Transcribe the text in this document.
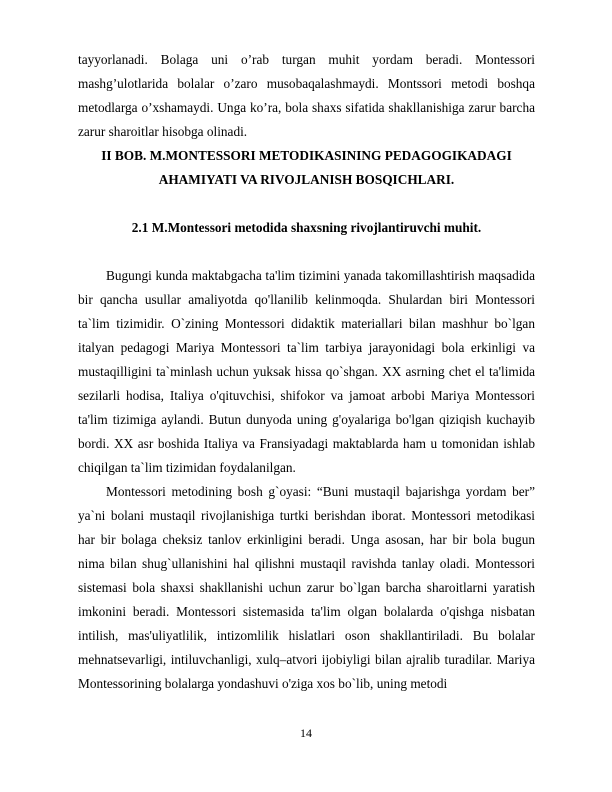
tayyorlanadi. Bolaga uni o’rab turgan muhit yordam beradi. Montessori mashg’ulotlarida bolalar o’zaro musobaqalashmaydi. Montssori metodi boshqa metodlarga o’xshamaydi. Unga ko’ra, bola shaxs sifatida shakllanishiga zarur barcha zarur sharoitlar hisobga olinadi.

II BOB. M.MONTESSORI METODIKASINING PEDAGOGIKADAGI
AHAMIYATI VA RIVOJLANISH BOSQICHLARI.
2.1 M.Montessori metodida shaxsning rivojlantiruvchi muhit.

Bugungi kunda maktabgacha ta'lim tizimini yanada takomillashtirish maqsadida bir qancha usullar amaliyotda qo'llanilib kelinmoqda. Shulardan biri Montessori ta`lim tizimidir. O`zining Montessori didaktik materiallari bilan mashhur bo`lgan italyan pedagogi Mariya Montessori ta`lim tarbiya jarayonidagi bola erkinligi va mustaqilligini ta`minlash uchun yuksak hissa qo`shgan. XX asrning chet el ta'limida sezilarli hodisa, Italiya o'qituvchisi, shifokor va jamoat arbobi Mariya Montessori ta'lim tizimiga aylandi. Butun dunyoda uning g'oyalariga bo'lgan qiziqish kuchayib bordi. XX asr boshida Italiya va Fransiyadagi maktablarda ham u tomonidan ishlab chiqilgan ta`lim tizimidan foydalanilgan.

Montessori metodining bosh g`oyasi: “Buni mustaqil bajarishga yordam ber” ya`ni bolani mustaqil rivojlanishiga turtki berishdan iborat. Montessori metodikasi har bir bolaga cheksiz tanlov erkinligini beradi. Unga asosan, har bir bola bugun nima bilan shug`ullanishini hal qilishni mustaqil ravishda tanlay oladi. Montessori sistemasi bola shaxsi shakllanishi uchun zarur bo`lgan barcha sharoitlarni yaratish imkonini beradi. Montessori sistemasida ta'lim olgan bolalarda o'qishga nisbatan intilish, mas'uliyatlilik, intizomlilik hislatlari oson shakllantiriladi. Bu bolalar mehnatsevarligi, intiluvchanligi, xulq–atvori ijobiyligi bilan ajralib turadilar. Mariya Montessorining bolalarga yondashuvi o'ziga xos bo`lib, uning metodi

14
